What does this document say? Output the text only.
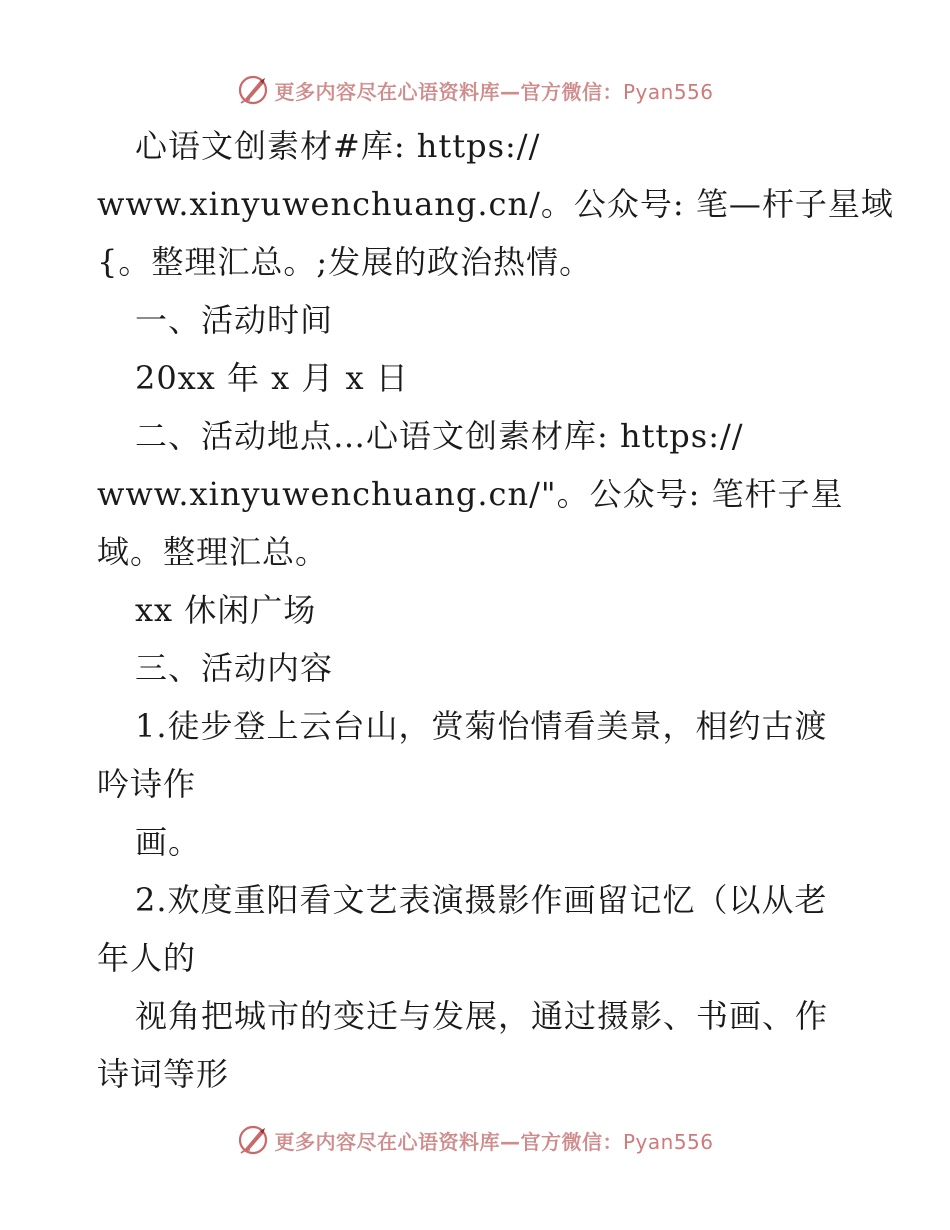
更多内容尽在心语资料库—官方微信：Pyan556
心语文创素材#库: https://
www.xinyuwenchuang.cn/。公众号: 笔—杆子星域
{。整理汇总。;发展的政治热情。
一、活动时间
20xx 年 x 月 x 日
二、活动地点…心语文创素材库: https://
www.xinyuwenchuang.cn/"。公众号: 笔杆子星
域。整理汇总。
xx 休闲广场
三、活动内容
1.徒步登上云台山，赏菊怡情看美景，相约古渡
吟诗作
画。
2.欢度重阳看文艺表演摄影作画留记忆（以从老
年人的
视角把城市的变迁与发展，通过摄影、书画、作
诗词等形
更多内容尽在心语资料库—官方微信：Pyan556
